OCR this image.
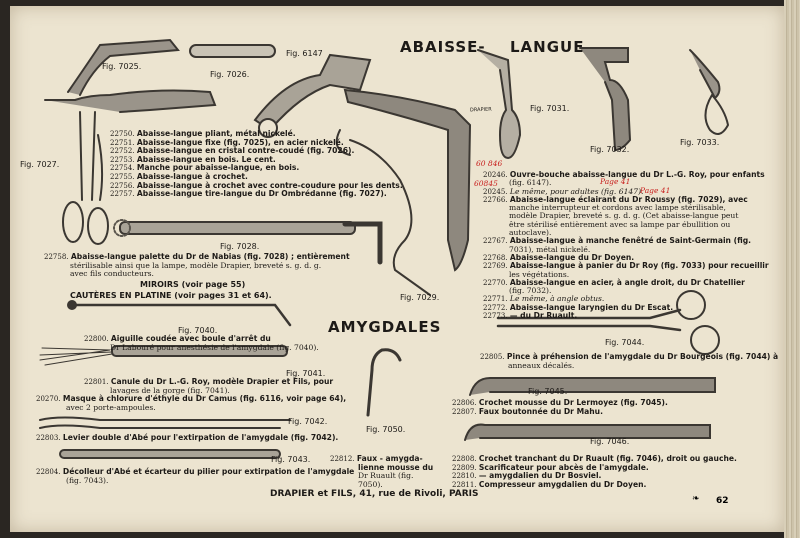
ABAISSE- LANGUE
AMYGDALES
Fig. 7025.
Fig. 7026.
Fig. 6147
Fig. 7027.
Fig. 7028.
Fig. 7029.
Fig. 7031.
Fig. 7032.
Fig. 7033.
Fig. 7040.
Fig. 7041.
Fig. 7042.
Fig. 7043.
Fig. 7044.
Fig. 7045.
Fig. 7046.
Fig. 7050.
22750. Abaisse-langue pliant, métal nickelé.
22751. Abaisse-langue fixe (fig. 7025), en acier nickelé.
22752. Abaisse-langue en cristal contre-coudé (fig. 7026).
22753. Abaisse-langue en bois. Le cent.
22754. Manche pour abaisse-langue, en bois.
22755. Abaisse-langue à crochet.
22756. Abaisse-langue à crochet avec contre-coudure pour les dents.
22757. Abaisse-langue tire-langue du Dr Ombrédanne (fig. 7027).
22758. Abaisse-langue palette du Dr de Nabias (fig. 7028) ; entièrement
stérilisable ainsi que la lampe, modèle Drapier, breveté s. g. d. g.
avec fils conducteurs.
MIROIRS (voir page 55)
CAUTÈRES EN PLATINE (voir pages 31 et 64).
20246. Ouvre-bouche abaisse-langue du Dr L.-G. Roy, pour enfants
(fig. 6147).
20245. Le même, pour adultes (fig. 6147).
22766. Abaisse-langue éclairant du Dr Roussy (fig. 7029), avec
manche interrupteur et cordons avec lampe stérilisable,
modèle Drapier, breveté s. g. d. g. (Cet abaisse-langue peut
être stérilisé entièrement avec sa lampe par ébullition ou
autoclave).
22767. Abaisse-langue à manche fenêtré de Saint-Germain (fig.
7031), métal nickelé.
22768. Abaisse-langue du Dr Doyen.
22769. Abaisse-langue à panier du Dr Roy (fig. 7033) pour recueillir
les végétations.
22770. Abaisse-langue en acier, à angle droit, du Dr Chatellier
(fig. 7032).
22771. Le même, à angle obtus.
22772. Abaisse-langue laryngien du Dr Escat.
22773. — du Dr Ruault.
60 846
60845	Page 41
Page 41
22800. Aiguille coudée avec boule d'arrêt du
Dr Labouré pour anesthésie de l'amygdale (fig. 7040).
22801. Canule du Dr L.-G. Roy, modèle Drapier et Fils, pour
lavages de la gorge (fig. 7041).
20270. Masque à chlorure d'éthyle du Dr Camus (fig. 6116, voir page 64),
avec 2 porte-ampoules.
22803. Levier double d'Abé pour l'extirpation de l'amygdale (fig. 7042).
22804. Décolleur d'Abé et écarteur du pilier pour extirpation de l'amygdale
(fig. 7043).
22812. Faux - amygda-
lienne mousse du
Dr Ruault (fig.
7050).
22805. Pince à préhension de l'amygdale du Dr Bourgeois (fig. 7044) à
anneaux décalés.
22806. Crochet mousse du Dr Lermoyez (fig. 7045).
22807. Faux boutonnée du Dr Mahu.
22808. Crochet tranchant du Dr Ruault (fig. 7046), droit ou gauche.
22809. Scarificateur pour abcès de l'amygdale.
22810. — amygdalien du Dr Bosviel.
22811. Compresseur amygdalien du Dr Doyen.
DRAPIER
DRAPIER et FILS, 41, rue de Rivoli, PARIS	❧ 62
